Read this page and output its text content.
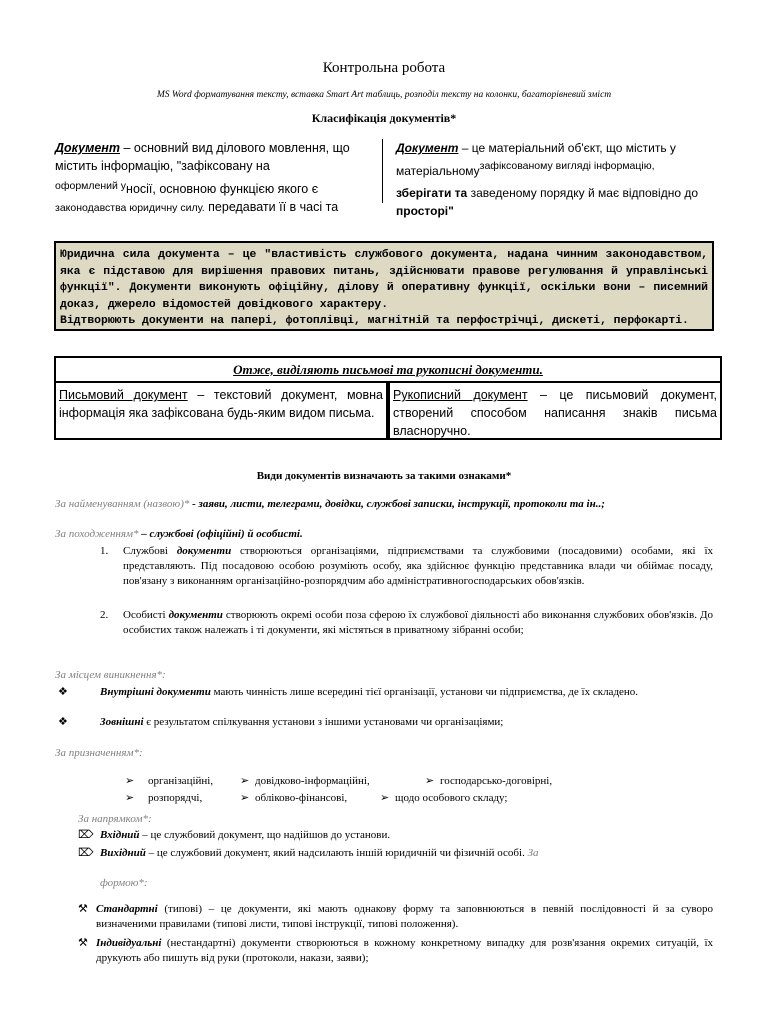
Контрольна робота
MS Word форматування тексту, вставка Smart Art таблиць, розподіл тексту на колонки, багаторівневий зміст
Класифікація документів*
Документ – основний вид ділового мовлення, що
містить інформацію, "зафіксовану на
$^{оформлений у}$носії, основною функцією якого є
законодавства юридичну силу. передавати її в часі та
Документ – це матеріальний об'єкт, що містить у
матеріальномузафіксованому вигляді інформацію,
зберігати та заведеному порядку й має відповідно до
просторі"
Юридична сила документа – це "властивість службового документа, надана чинним законодавством, яка є підставою для вирішення правових питань, здійснювати правове регулювання й управлінські функції". Документи виконують офіційну, ділову й оперативну функції, оскільки вони – писемний доказ, джерело відомостей довідкового характеру.
Відтворюють документи на папері, фотоплівці, магнітній та перфострічці, дискеті, перфокарті.
Отже, виділяють письмові та рукописні документи.
Письмовий документ – текстовий документ, мовна інформація яка зафіксована будь-яким видом письма.
Рукописний документ – це письмовий документ, створений способом написання знаків письма власноручно.
Види документів визначають за такими ознаками*
За найменуванням (назвою)* - заяви, листи, телеграми, довідки, службові записки, інструкції, протоколи та ін..;
За походженням* – службові (офіційні) й особисті.
1. Службові документи створюються організаціями, підприємствами та службовими (посадовими) особами, які їх представляють. Під посадовою особою розуміють особу, яка здійснює функцію представника влади чи обіймає посаду, пов'язану з виконанням організаційно-розпорядчим або адміністративногосподарських обов'язків.
2. Особисті документи створюють окремі особи поза сферою їх службової діяльності або виконання службових обов'язків. До особистих також належать і ті документи, які містяться в приватному зібранні особи;
За місцем виникнення*:
❖	Внутрішні документи мають чинність лише всередині тієї організації, установи чи підприємства, де їх складено.
❖	Зовнішні є результатом спілкування установи з іншими установами чи організаціями;
За призначенням*:
➢ організаційні, ➢ довідково-інформаційні,	➢ господарсько-договірні,
➢ розпорядчі,	➢ обліково-фінансові,	➢ щодо особового складу;
За напрямком*:
⌦ Вхідний – це службовий документ, що надійшов до установи.
⌦ Вихідний – це службовий документ, який надсилають іншій юридичній чи фізичній особі. За
формою*:
⚒ Стандартні (типові) – це документи, які мають однакову форму та заповнюються в певній послідовності й за суворо визначеними правилами (типові листи, типові інструкції, типові положення).
⚒ Індивідуальні (нестандартні) документи створюються в кожному конкретному випадку для розв'язання окремих ситуацій, їх друкують або пишуть від руки (протоколи, накази, заяви);
